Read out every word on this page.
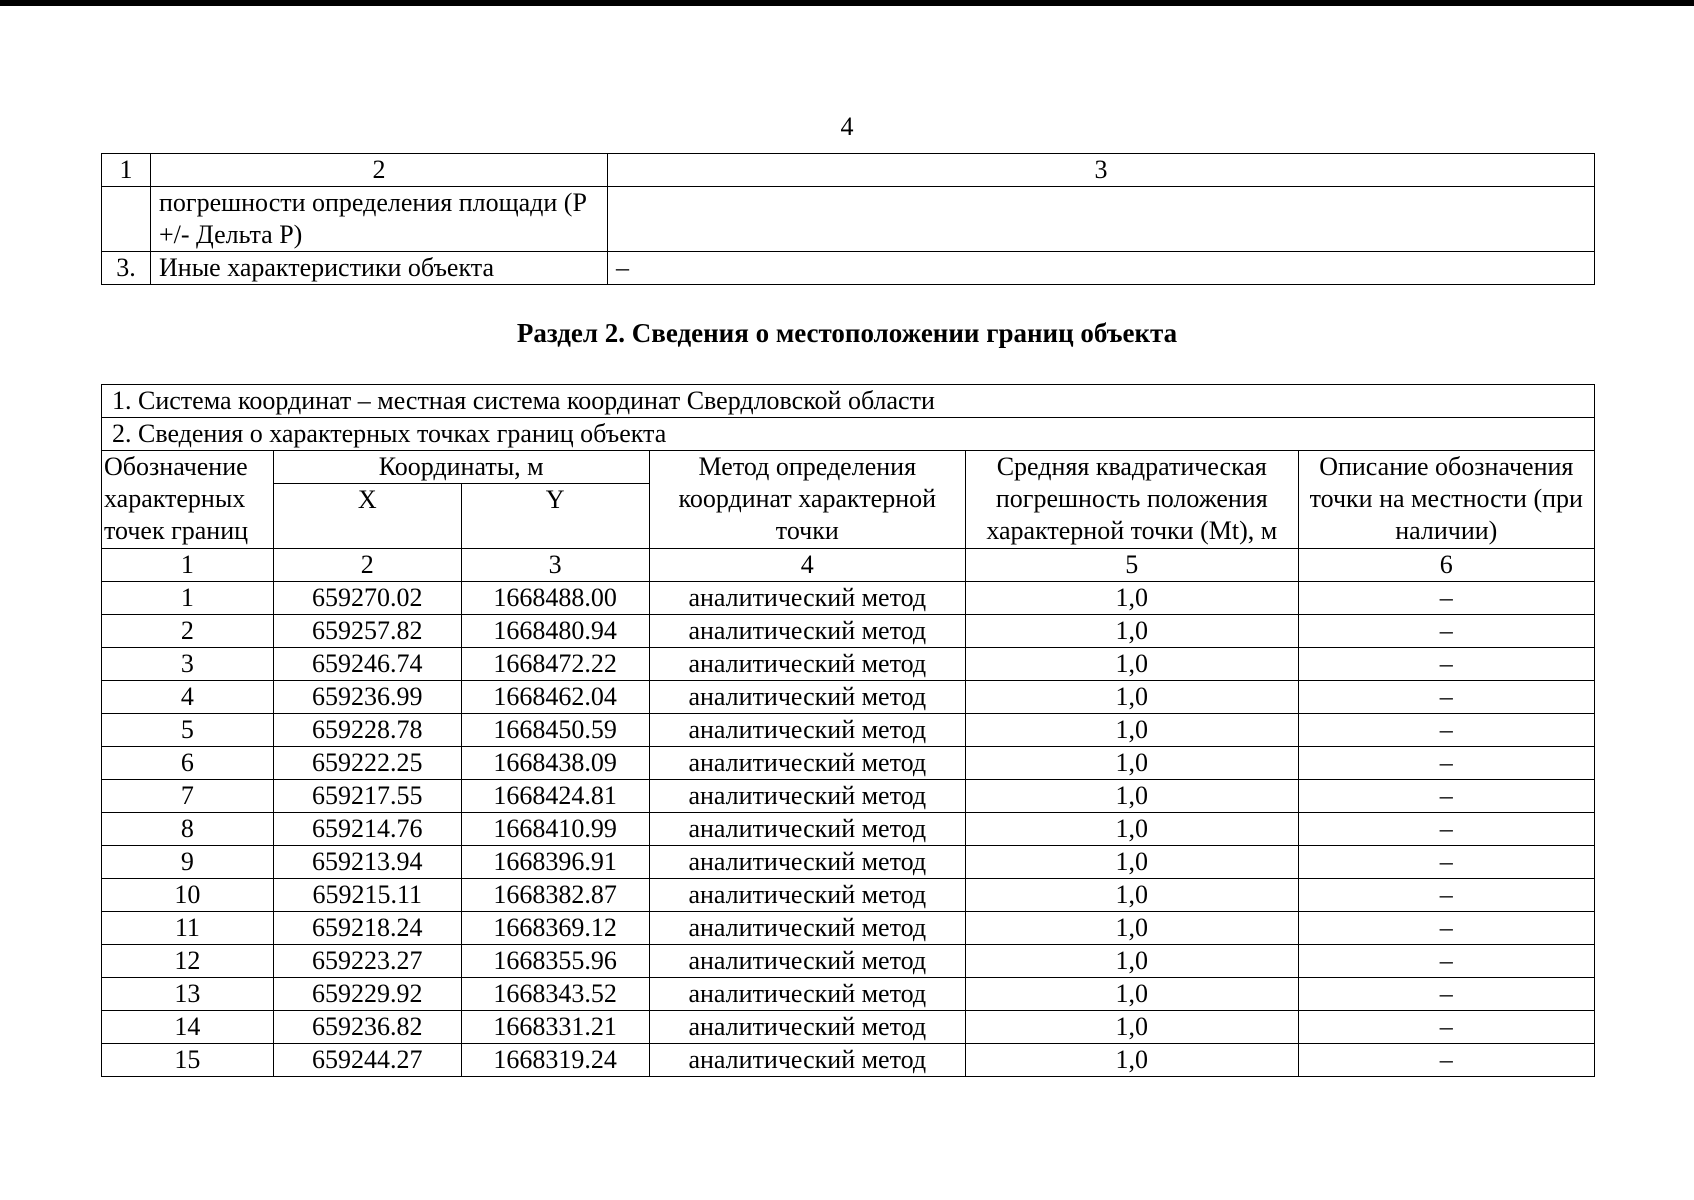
4
1	2	3
	погрешности определения площади (Р +/- Дельта Р)	
3.	Иные характеристики объекта	–
Раздел 2. Сведения о местоположении границ объекта
1. Система координат – местная система координат Свердловской области					
2. Сведения о характерных точках границ объекта					
Обозначение характерных точек границ	Координаты, м		Метод определения координат характерной точки	Средняя квадратическая погрешность положения характерной точки (Mt), м	Описание обозначения точки на местности (при наличии)
	X	Y			
1	2	3	4	5	6
1	659270.02	1668488.00	аналитический метод	1,0	–
2	659257.82	1668480.94	аналитический метод	1,0	–
3	659246.74	1668472.22	аналитический метод	1,0	–
4	659236.99	1668462.04	аналитический метод	1,0	–
5	659228.78	1668450.59	аналитический метод	1,0	–
6	659222.25	1668438.09	аналитический метод	1,0	–
7	659217.55	1668424.81	аналитический метод	1,0	–
8	659214.76	1668410.99	аналитический метод	1,0	–
9	659213.94	1668396.91	аналитический метод	1,0	–
10	659215.11	1668382.87	аналитический метод	1,0	–
11	659218.24	1668369.12	аналитический метод	1,0	–
12	659223.27	1668355.96	аналитический метод	1,0	–
13	659229.92	1668343.52	аналитический метод	1,0	–
14	659236.82	1668331.21	аналитический метод	1,0	–
15	659244.27	1668319.24	аналитический метод	1,0	–
